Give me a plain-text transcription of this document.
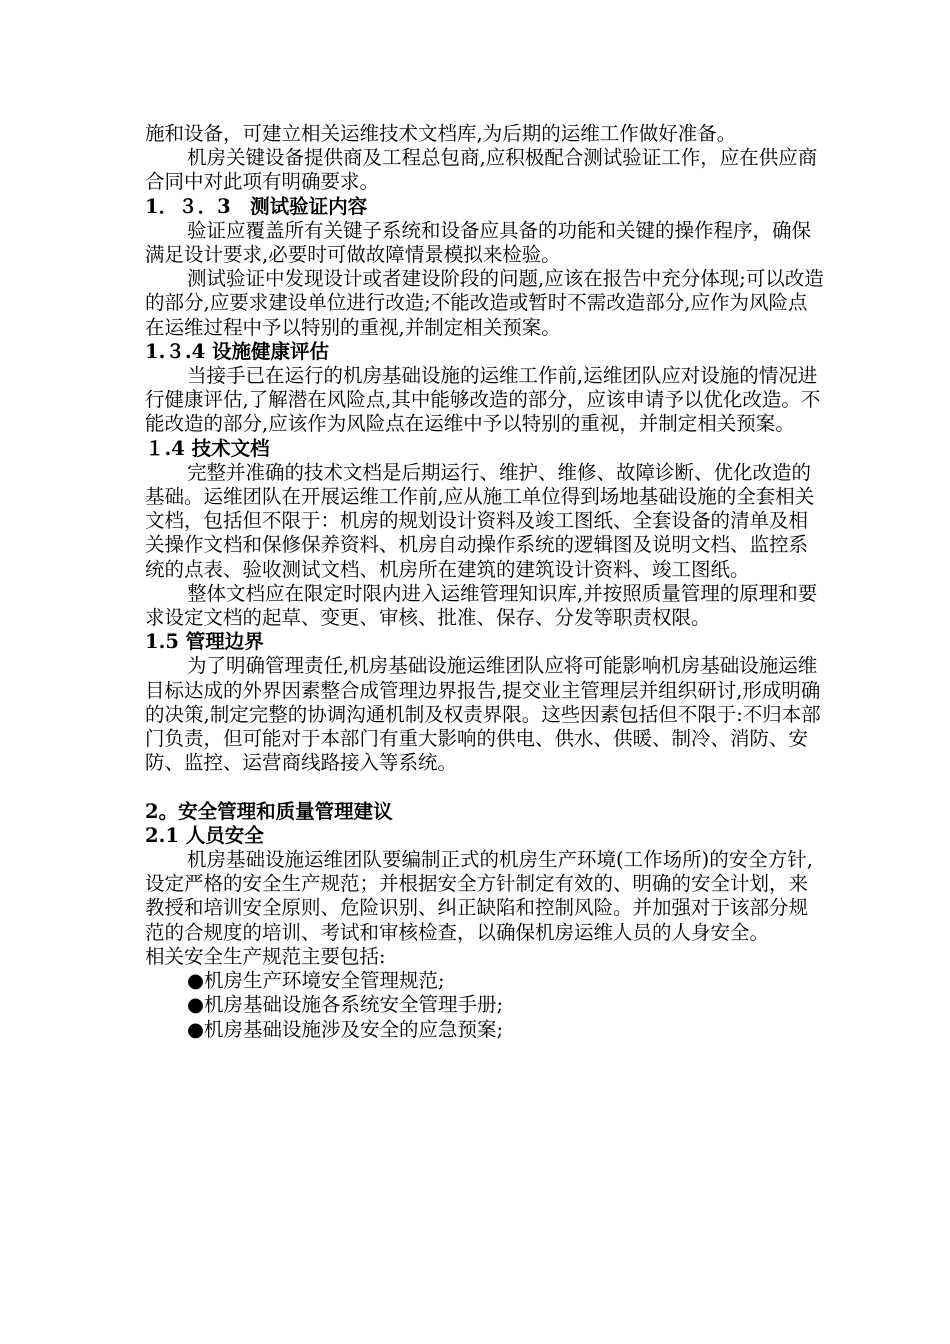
施和设备，可建立相关运维技术文档库,为后期的运维工作做好准备。

机房关键设备提供商及工程总包商,应积极配合测试验证工作，应在供应商合同中对此项有明确要求。

1．３．3　测试验证内容

验证应覆盖所有关键子系统和设备应具备的功能和关键的操作程序，确保满足设计要求,必要时可做故障情景模拟来检验。

测试验证中发现设计或者建设阶段的问题,应该在报告中充分体现;可以改造的部分,应要求建设单位进行改造;不能改造或暂时不需改造部分,应作为风险点在运维过程中予以特别的重视,并制定相关预案。

1.３.4 设施健康评估

当接手已在运行的机房基础设施的运维工作前,运维团队应对设施的情况进行健康评估,了解潜在风险点,其中能够改造的部分，应该申请予以优化改造。不能改造的部分,应该作为风险点在运维中予以特别的重视，并制定相关预案。

１.4 技术文档

完整并准确的技术文档是后期运行、维护、维修、故障诊断、优化改造的基础。运维团队在开展运维工作前,应从施工单位得到场地基础设施的全套相关文档，包括但不限于：机房的规划设计资料及竣工图纸、全套设备的清单及相关操作文档和保修保养资料、机房自动操作系统的逻辑图及说明文档、监控系统的点表、验收测试文档、机房所在建筑的建筑设计资料、竣工图纸。

整体文档应在限定时限内进入运维管理知识库,并按照质量管理的原理和要求设定文档的起草、变更、审核、批准、保存、分发等职责权限。

1.5 管理边界

为了明确管理责任,机房基础设施运维团队应将可能影响机房基础设施运维目标达成的外界因素整合成管理边界报告,提交业主管理层并组织研讨,形成明确的决策,制定完整的协调沟通机制及权责界限。这些因素包括但不限于:不归本部门负责，但可能对于本部门有重大影响的供电、供水、供暖、制冷、消防、安防、监控、运营商线路接入等系统。

2。安全管理和质量管理建议

2.1 人员安全

机房基础设施运维团队要编制正式的机房生产环境(工作场所)的安全方针,设定严格的安全生产规范；并根据安全方针制定有效的、明确的安全计划，来教授和培训安全原则、危险识别、纠正缺陷和控制风险。并加强对于该部分规范的合规度的培训、考试和审核检查，以确保机房运维人员的人身安全。

相关安全生产规范主要包括:

●机房生产环境安全管理规范;

●机房基础设施各系统安全管理手册;

●机房基础设施涉及安全的应急预案;
